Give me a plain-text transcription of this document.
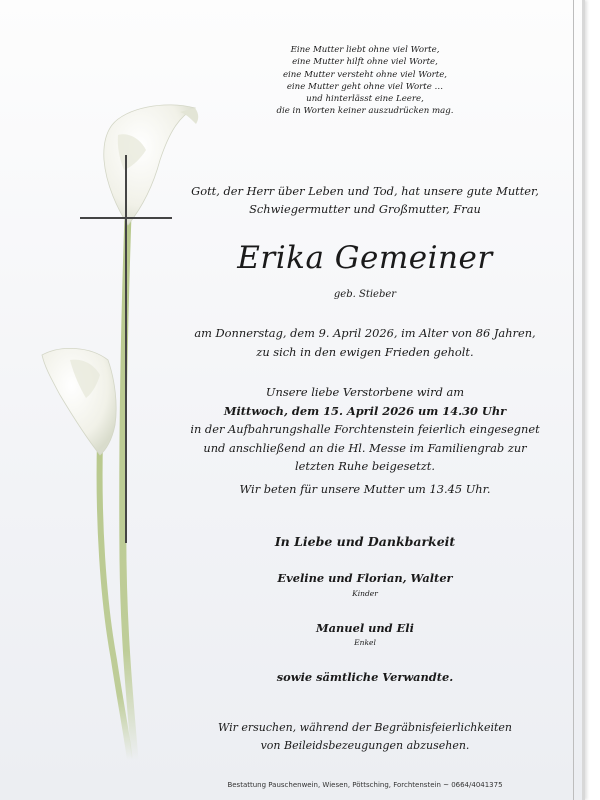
Eine Mutter liebt ohne viel Worte,
eine Mutter hilft ohne viel Worte,
eine Mutter versteht ohne viel Worte,
eine Mutter geht ohne viel Worte …
und hinterlässt eine Leere,
die in Worten keiner auszudrücken mag.
Gott, der Herr über Leben und Tod, hat unsere gute Mutter,
Schwiegermutter und Großmutter, Frau
Erika Gemeiner
geb. Stieber
am Donnerstag, dem 9. April 2026, im Alter von 86 Jahren,
zu sich in den ewigen Frieden geholt.
Unsere liebe Verstorbene wird am
Mittwoch, dem 15. April 2026 um 14.30 Uhr
in der Aufbahrungshalle Forchtenstein feierlich eingesegnet
und anschließend an die Hl. Messe im Familiengrab zur
letzten Ruhe beigesetzt.
Wir beten für unsere Mutter um 13.45 Uhr.
In Liebe und Dankbarkeit
Eveline und Florian, Walter
Kinder
Manuel und Eli
Enkel
sowie sämtliche Verwandte.
Wir ersuchen, während der Begräbnisfeierlichkeiten
von Beileidsbezeugungen abzusehen.
Bestattung Pauschenwein, Wiesen, Pöttsching, Forchtenstein ~ 0664/4041375
